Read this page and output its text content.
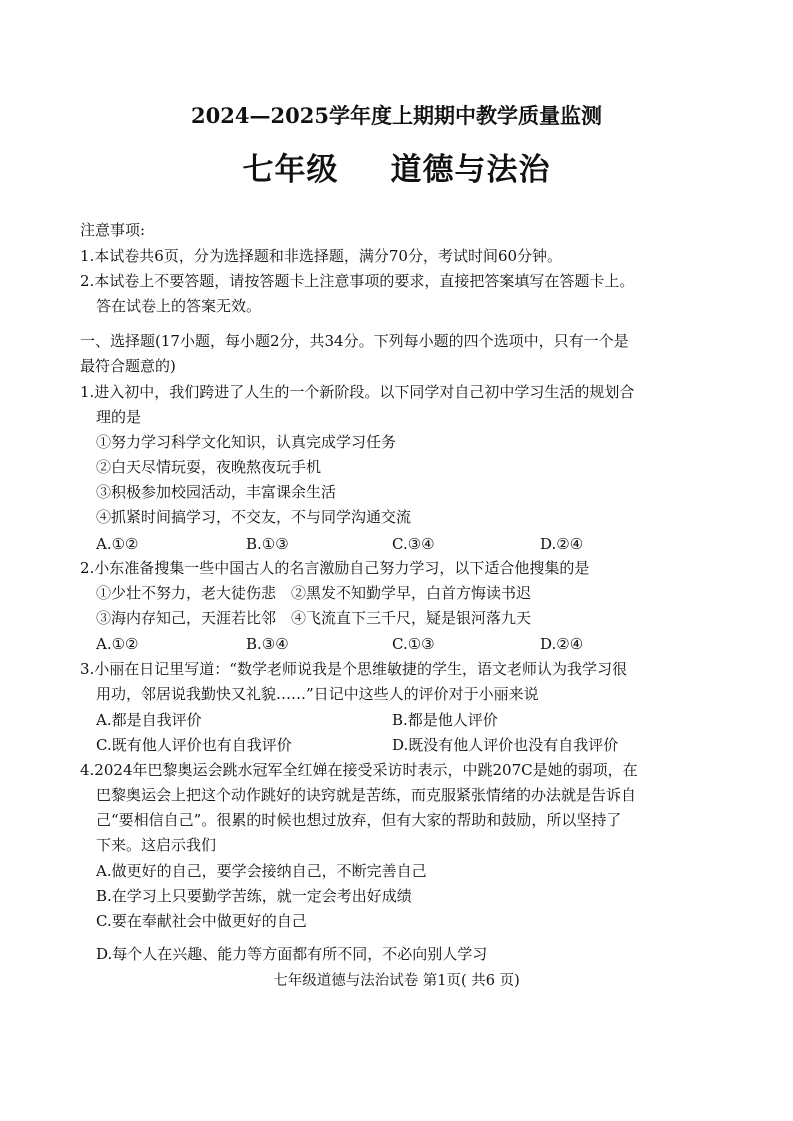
2024—2025学年度上期期中教学质量监测
七年级 道德与法治
注意事项:
1.本试卷共6页，分为选择题和非选择题，满分70分，考试时间60分钟。
2.本试卷上不要答题，请按答题卡上注意事项的要求，直接把答案填写在答题卡上。
答在试卷上的答案无效。
一、选择题(17小题，每小题2分，共34分。下列每小题的四个选项中，只有一个是
最符合题意的)
1.进入初中，我们跨进了人生的一个新阶段。以下同学对自己初中学习生活的规划合
理的是
①努力学习科学文化知识，认真完成学习任务
②白天尽情玩耍，夜晚熬夜玩手机
③积极参加校园活动，丰富课余生活
④抓紧时间搞学习，不交友，不与同学沟通交流
A.①②	B.①③	C.③④	D.②④
2.小东准备搜集一些中国古人的名言激励自己努力学习，以下适合他搜集的是
①少壮不努力，老大徒伤悲　②黑发不知勤学早，白首方悔读书迟
③海内存知己，天涯若比邻　④飞流直下三千尺，疑是银河落九天
A.①②	B.③④	C.①③	D.②④
3.小丽在日记里写道：“数学老师说我是个思维敏捷的学生，语文老师认为我学习很
用功，邻居说我勤快又礼貌……”日记中这些人的评价对于小丽来说
A.都是自我评价	B.都是他人评价
C.既有他人评价也有自我评价	D.既没有他人评价也没有自我评价
4.2024年巴黎奥运会跳水冠军全红婵在接受采访时表示，中跳207C是她的弱项，在
巴黎奥运会上把这个动作跳好的诀窍就是苦练，而克服紧张情绪的办法就是告诉自
己“要相信自己”。很累的时候也想过放弃，但有大家的帮助和鼓励，所以坚持了
下来。这启示我们
A.做更好的自己，要学会接纳自己，不断完善自己
B.在学习上只要勤学苦练，就一定会考出好成绩
C.要在奉献社会中做更好的自己
D.每个人在兴趣、能力等方面都有所不同，不必向别人学习
七年级道德与法治试卷 第1页( 共6 页)
